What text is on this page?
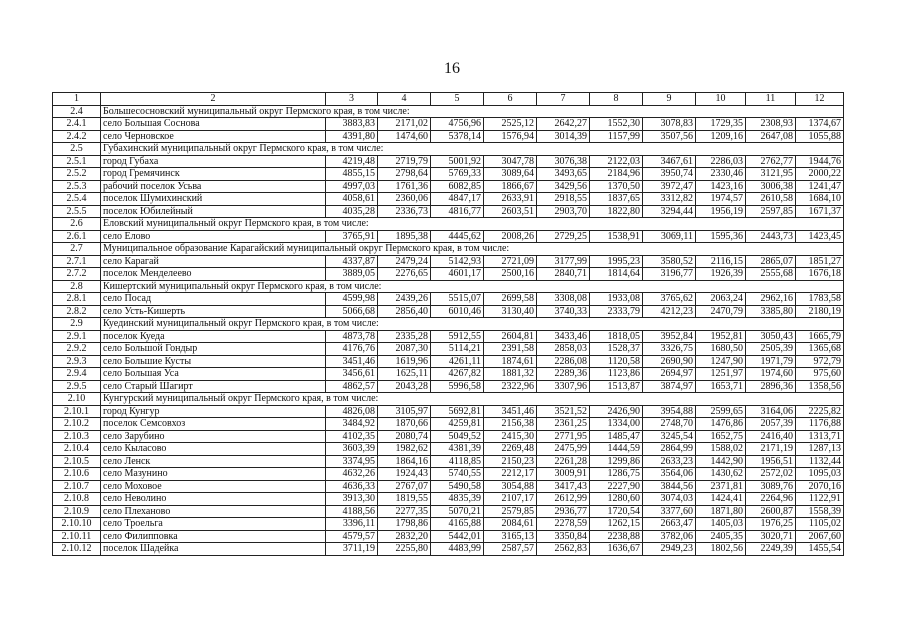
16
1	2	3	4	5	6	7	8	9	10	11	12
2.4	Большесосновский муниципальный округ Пермского края, в том числе:										
2.4.1	село Большая Соснова	3883,83	2171,02	4756,96	2525,12	2642,27	1552,30	3078,83	1729,35	2308,93	1374,67
2.4.2	село Черновское	4391,80	1474,60	5378,14	1576,94	3014,39	1157,99	3507,56	1209,16	2647,08	1055,88
2.5	Губахинский муниципальный округ Пермского края, в том числе:										
2.5.1	город Губаха	4219,48	2719,79	5001,92	3047,78	3076,38	2122,03	3467,61	2286,03	2762,77	1944,76
2.5.2	город Гремячинск	4855,15	2798,64	5769,33	3089,64	3493,65	2184,96	3950,74	2330,46	3121,95	2000,22
2.5.3	рабочий поселок Усьва	4997,03	1761,36	6082,85	1866,67	3429,56	1370,50	3972,47	1423,16	3006,38	1241,47
2.5.4	поселок Шумихинский	4058,61	2360,06	4847,17	2633,91	2918,55	1837,65	3312,82	1974,57	2610,58	1684,10
2.5.5	поселок Юбилейный	4035,28	2336,73	4816,77	2603,51	2903,70	1822,80	3294,44	1956,19	2597,85	1671,37
2.6	Еловский муниципальный округ Пермского края, в том числе:										
2.6.1	село Елово	3765,91	1895,38	4445,62	2008,26	2729,25	1538,91	3069,11	1595,36	2443,73	1423,45
2.7	Муниципальное образование Карагайский муниципальный округ Пермского края, в том числе:										
2.7.1	село Карагай	4337,87	2479,24	5142,93	2721,09	3177,99	1995,23	3580,52	2116,15	2865,07	1851,27
2.7.2	поселок Менделеево	3889,05	2276,65	4601,17	2500,16	2840,71	1814,64	3196,77	1926,39	2555,68	1676,18
2.8	Кишертский муниципальный округ Пермского края, в том числе:										
2.8.1	село Посад	4599,98	2439,26	5515,07	2699,58	3308,08	1933,08	3765,62	2063,24	2962,16	1783,58
2.8.2	село Усть-Кишерть	5066,68	2856,40	6010,46	3130,40	3740,33	2333,79	4212,23	2470,79	3385,80	2180,19
2.9	Куединский муниципальный округ Пермского края, в том числе:										
2.9.1	поселок Куеда	4873,78	2335,28	5912,55	2604,81	3433,46	1818,05	3952,84	1952,81	3050,43	1665,79
2.9.2	село Большой Гондыр	4176,76	2087,30	5114,21	2391,58	2858,03	1528,37	3326,75	1680,50	2505,39	1365,68
2.9.3	село Большие Кусты	3451,46	1619,96	4261,11	1874,61	2286,08	1120,58	2690,90	1247,90	1971,79	972,79
2.9.4	село Большая Уса	3456,61	1625,11	4267,82	1881,32	2289,36	1123,86	2694,97	1251,97	1974,60	975,60
2.9.5	село Старый Шагирт	4862,57	2043,28	5996,58	2322,96	3307,96	1513,87	3874,97	1653,71	2896,36	1358,56
2.10	Кунгурский муниципальный округ Пермского края, в том числе:										
2.10.1	город Кунгур	4826,08	3105,97	5692,81	3451,46	3521,52	2426,90	3954,88	2599,65	3164,06	2225,82
2.10.2	поселок Семсовхоз	3484,92	1870,66	4259,81	2156,38	2361,25	1334,00	2748,70	1476,86	2057,39	1176,88
2.10.3	село Зарубино	4102,35	2080,74	5049,52	2415,30	2771,95	1485,47	3245,54	1652,75	2416,40	1313,71
2.10.4	село Кыласово	3603,39	1982,62	4381,39	2269,48	2475,99	1444,59	2864,99	1588,02	2171,19	1287,13
2.10.5	село Ленск	3374,95	1864,16	4118,85	2150,23	2261,28	1299,86	2633,23	1442,90	1956,51	1132,44
2.10.6	село Мазунино	4632,26	1924,43	5740,55	2212,17	3009,91	1286,75	3564,06	1430,62	2572,02	1095,03
2.10.7	село Моховое	4636,33	2767,07	5490,58	3054,88	3417,43	2227,90	3844,56	2371,81	3089,76	2070,16
2.10.8	село Неволино	3913,30	1819,55	4835,39	2107,17	2612,99	1280,60	3074,03	1424,41	2264,96	1122,91
2.10.9	село Плеханово	4188,56	2277,35	5070,21	2579,85	2936,77	1720,54	3377,60	1871,80	2600,87	1558,39
2.10.10	село Троельга	3396,11	1798,86	4165,88	2084,61	2278,59	1262,15	2663,47	1405,03	1976,25	1105,02
2.10.11	село Филипповка	4579,57	2832,20	5442,01	3165,13	3350,84	2238,88	3782,06	2405,35	3020,71	2067,60
2.10.12	поселок Шадейка	3711,19	2255,80	4483,99	2587,57	2562,83	1636,67	2949,23	1802,56	2249,39	1455,54
